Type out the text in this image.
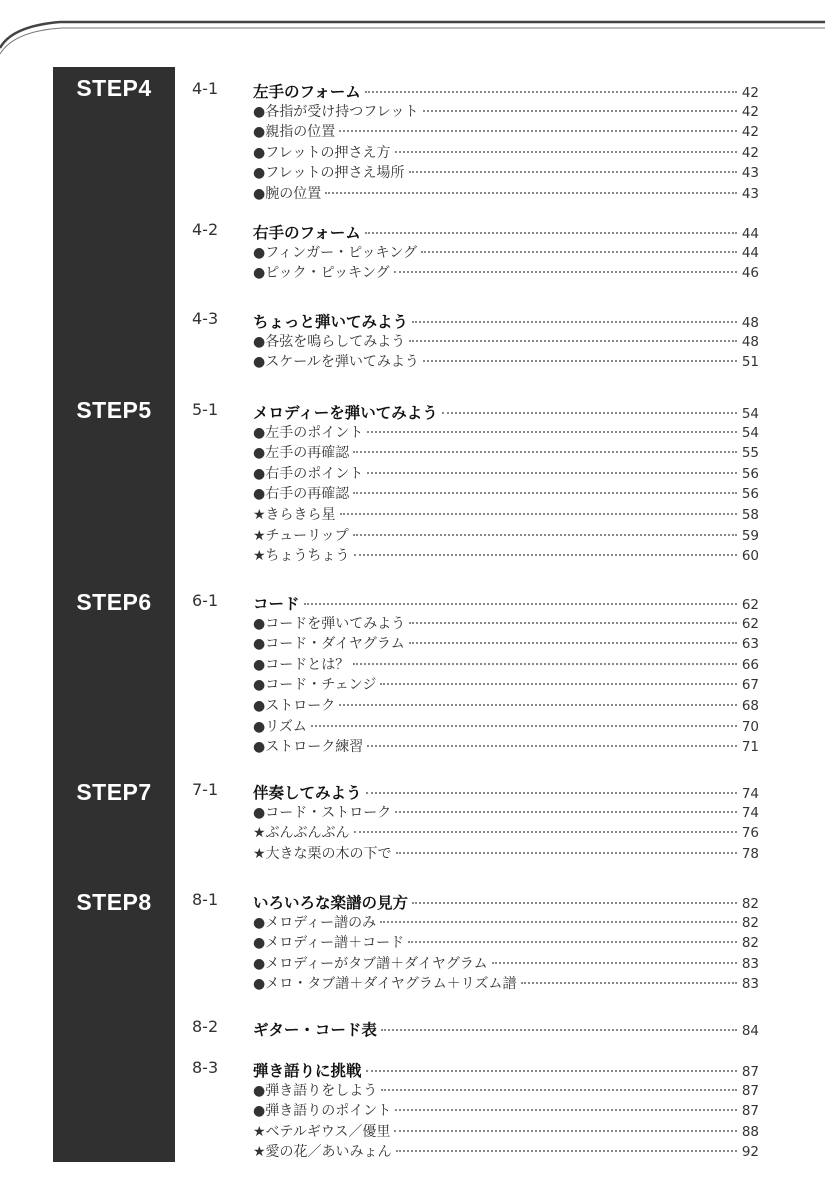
STEP4	4-1 左手のフォーム	42
●各指が受け持つフレット	42
●親指の位置	42
●フレットの押さえ方	42
●フレットの押さえ場所	43
●腕の位置	43
4-2 右手のフォーム	44
●フィンガー・ピッキング	44
●ピック・ピッキング	46
4-3 ちょっと弾いてみよう	48
●各弦を鳴らしてみよう	48
●スケールを弾いてみよう	51
STEP5	5-1 メロディーを弾いてみよう	54
●左手のポイント	54
●左手の再確認	55
●右手のポイント	56
●右手の再確認	56
★きらきら星	58
★チューリップ	59
★ちょうちょう	60
STEP6	6-1 コード	62
●コードを弾いてみよう	62
●コード・ダイヤグラム	63
●コードとは？	66
●コード・チェンジ	67
●ストローク	68
●リズム	70
●ストローク練習	71
STEP7	7-1 伴奏してみよう	74
●コード・ストローク	74
★ぶんぶんぶん	76
★大きな栗の木の下で	78
STEP8	8-1 いろいろな楽譜の見方	82
●メロディー譜のみ	82
●メロディー譜＋コード	82
●メロディーがタブ譜＋ダイヤグラム	83
●メロ・タブ譜＋ダイヤグラム＋リズム譜	83
8-2 ギター・コード表	84
8-3 弾き語りに挑戦	87
●弾き語りをしよう	87
●弾き語りのポイント	87
★ベテルギウス／優里	88
★愛の花／あいみょん	92
